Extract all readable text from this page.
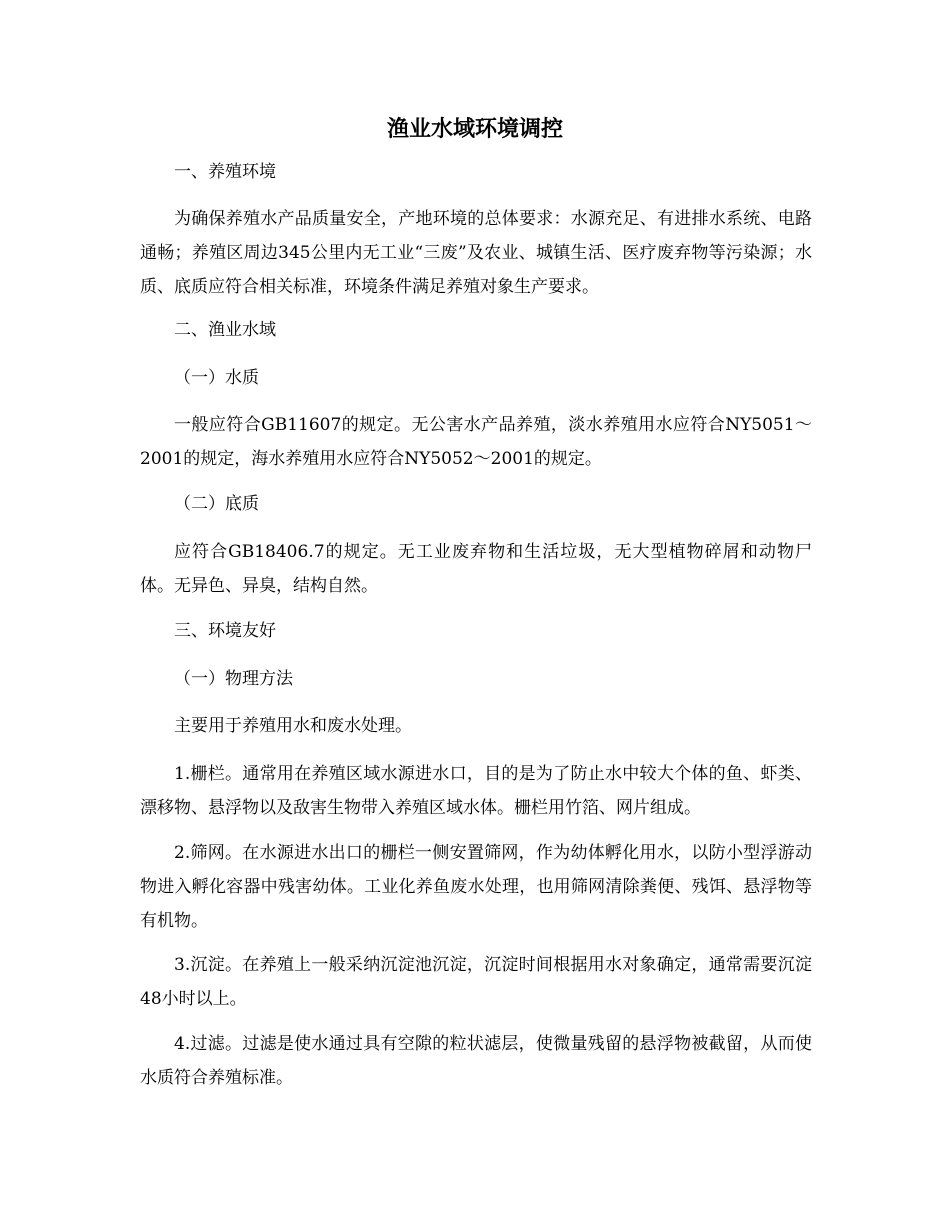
渔业水域环境调控

一、养殖环境

为确保养殖水产品质量安全，产地环境的总体要求：水源充足、有进排水系统、电路通畅；养殖区周边345公里内无工业“三废”及农业、城镇生活、医疗废弃物等污染源；水质、底质应符合相关标准，环境条件满足养殖对象生产要求。

二、渔业水域

（一）水质

一般应符合GB11607的规定。无公害水产品养殖，淡水养殖用水应符合NY5051～2001的规定，海水养殖用水应符合NY5052～2001的规定。

（二）底质

应符合GB18406.7的规定。无工业废弃物和生活垃圾，无大型植物碎屑和动物尸体。无异色、异臭，结构自然。

三、环境友好

（一）物理方法

主要用于养殖用水和废水处理。

1.栅栏。通常用在养殖区域水源进水口，目的是为了防止水中较大个体的鱼、虾类、漂移物、悬浮物以及敌害生物带入养殖区域水体。栅栏用竹箔、网片组成。

2.筛网。在水源进水出口的栅栏一侧安置筛网，作为幼体孵化用水，以防小型浮游动物进入孵化容器中残害幼体。工业化养鱼废水处理，也用筛网清除粪便、残饵、悬浮物等有机物。

3.沉淀。在养殖上一般采纳沉淀池沉淀，沉淀时间根据用水对象确定，通常需要沉淀48小时以上。

4.过滤。过滤是使水通过具有空隙的粒状滤层，使微量残留的悬浮物被截留，从而使水质符合养殖标准。
